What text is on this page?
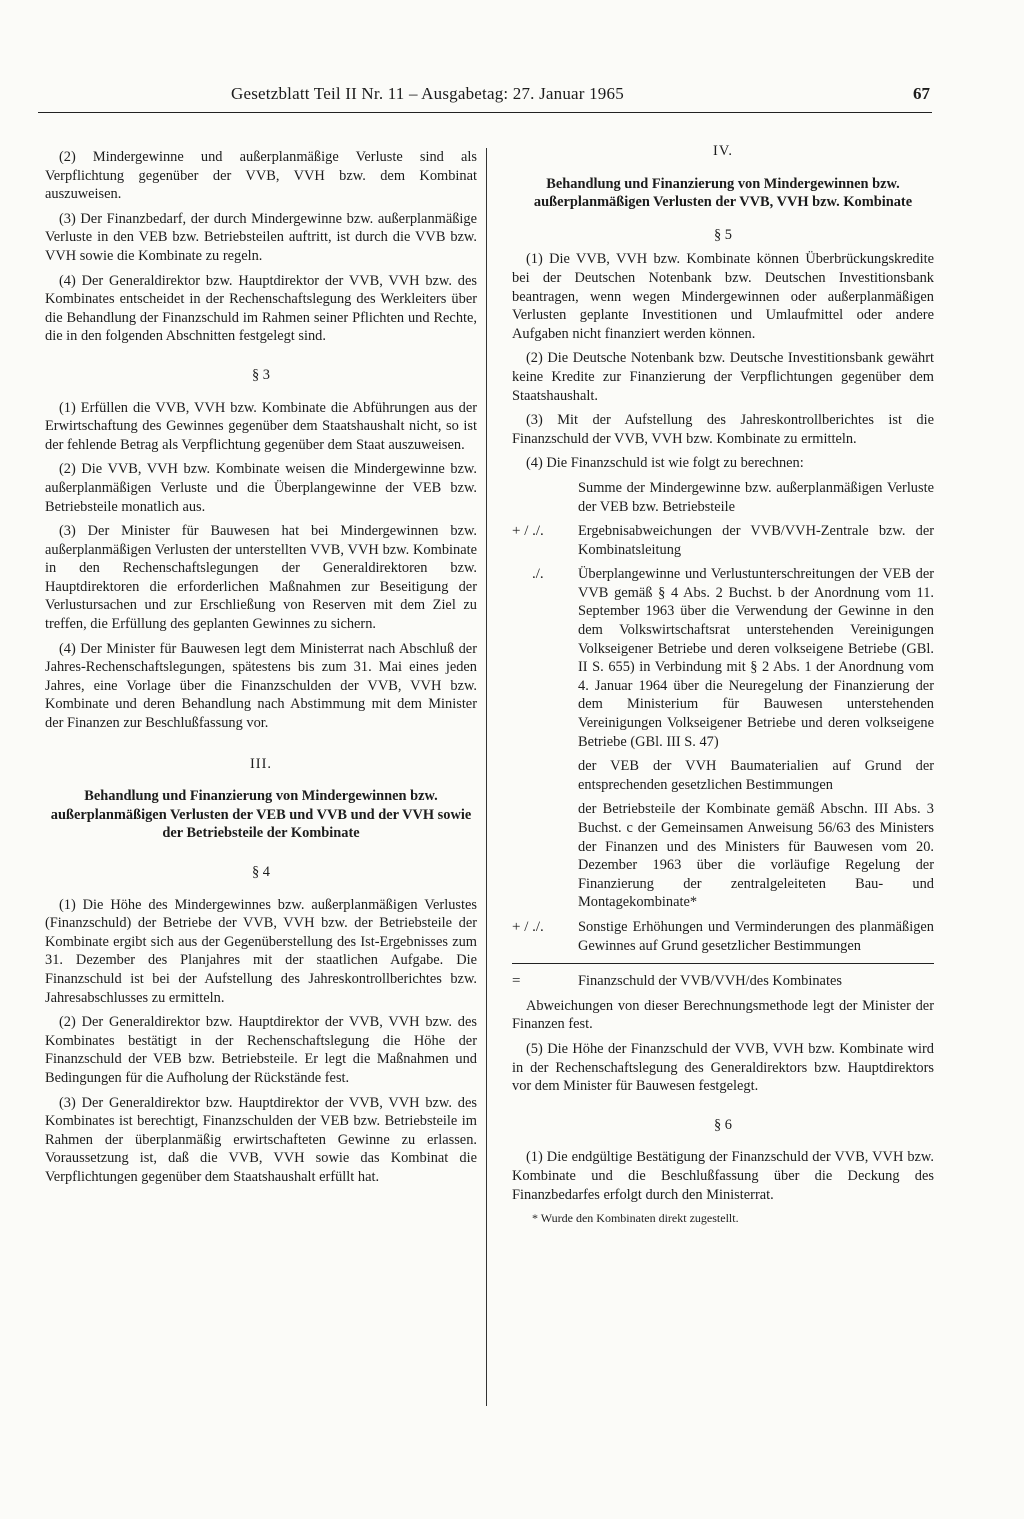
Gesetzblatt Teil II Nr. 11 – Ausgabetag: 27. Januar 1965	67

(2) Mindergewinne und außerplanmäßige Verluste sind als Verpflichtung gegenüber der VVB, VVH bzw. dem Kombinat auszuweisen.

(3) Der Finanzbedarf, der durch Mindergewinne bzw. außerplanmäßige Verluste in den VEB bzw. Betriebsteilen auftritt, ist durch die VVB bzw. VVH sowie die Kombinate zu regeln.

(4) Der Generaldirektor bzw. Hauptdirektor der VVB, VVH bzw. des Kombinates entscheidet in der Rechenschaftslegung des Werkleiters über die Behandlung der Finanzschuld im Rahmen seiner Pflichten und Rechte, die in den folgenden Abschnitten festgelegt sind.

§ 3

(1) Erfüllen die VVB, VVH bzw. Kombinate die Abführungen aus der Erwirtschaftung des Gewinnes gegenüber dem Staatshaushalt nicht, so ist der fehlende Betrag als Verpflichtung gegenüber dem Staat auszuweisen.

(2) Die VVB, VVH bzw. Kombinate weisen die Mindergewinne bzw. außerplanmäßigen Verluste und die Überplangewinne der VEB bzw. Betriebsteile monatlich aus.

(3) Der Minister für Bauwesen hat bei Mindergewinnen bzw. außerplanmäßigen Verlusten der unterstellten VVB, VVH bzw. Kombinate in den Rechenschaftslegungen der Generaldirektoren bzw. Hauptdirektoren die erforderlichen Maßnahmen zur Beseitigung der Verlustursachen und zur Erschließung von Reserven mit dem Ziel zu treffen, die Erfüllung des geplanten Gewinnes zu sichern.

(4) Der Minister für Bauwesen legt dem Ministerrat nach Abschluß der Jahres-Rechenschaftslegungen, spätestens bis zum 31. Mai eines jeden Jahres, eine Vorlage über die Finanzschulden der VVB, VVH bzw. Kombinate und deren Behandlung nach Abstimmung mit dem Minister der Finanzen zur Beschlußfassung vor.

III.
Behandlung und Finanzierung von Mindergewinnen bzw. außerplanmäßigen Verlusten der VEB und VVB und der VVH sowie der Betriebsteile der Kombinate
§ 4

(1) Die Höhe des Mindergewinnes bzw. außerplanmäßigen Verlustes (Finanzschuld) der Betriebe der VVB, VVH bzw. der Betriebsteile der Kombinate ergibt sich aus der Gegenüberstellung des Ist-Ergebnisses zum 31. Dezember des Planjahres mit der staatlichen Aufgabe. Die Finanzschuld ist bei der Aufstellung des Jahreskontrollberichtes bzw. Jahresabschlusses zu ermitteln.

(2) Der Generaldirektor bzw. Hauptdirektor der VVB, VVH bzw. des Kombinates bestätigt in der Rechenschaftslegung die Höhe der Finanzschuld der VEB bzw. Betriebsteile. Er legt die Maßnahmen und Bedingungen für die Aufholung der Rückstände fest.

(3) Der Generaldirektor bzw. Hauptdirektor der VVB, VVH bzw. des Kombinates ist berechtigt, Finanzschulden der VEB bzw. Betriebsteile im Rahmen der überplanmäßig erwirtschafteten Gewinne zu erlassen. Voraussetzung ist, daß die VVB, VVH sowie das Kombinat die Verpflichtungen gegenüber dem Staatshaushalt erfüllt hat.

IV.
Behandlung und Finanzierung von Mindergewinnen bzw. außerplanmäßigen Verlusten der VVB, VVH bzw. Kombinate
§ 5

(1) Die VVB, VVH bzw. Kombinate können Überbrückungskredite bei der Deutschen Notenbank bzw. Deutschen Investitionsbank beantragen, wenn wegen Mindergewinnen oder außerplanmäßigen Verlusten geplante Investitionen und Umlaufmittel oder andere Aufgaben nicht finanziert werden können.

(2) Die Deutsche Notenbank bzw. Deutsche Investitionsbank gewährt keine Kredite zur Finanzierung der Verpflichtungen gegenüber dem Staatshaushalt.

(3) Mit der Aufstellung des Jahreskontrollberichtes ist die Finanzschuld der VVB, VVH bzw. Kombinate zu ermitteln.

(4) Die Finanzschuld ist wie folgt zu berechnen:

Summe der Mindergewinne bzw. außerplanmäßigen Verluste der VEB bzw. Betriebsteile
+ / ./.	Ergebnisabweichungen der VVB/VVH-Zentrale bzw. der Kombinatsleitung
./.	Überplangewinne und Verlustunterschreitungen der VEB der VVB gemäß § 4 Abs. 2 Buchst. b der Anordnung vom 11. September 1963 über die Verwendung der Gewinne in den dem Volkswirtschaftsrat unterstehenden Vereinigungen Volkseigener Betriebe und deren volkseigene Betriebe (GBl. II S. 655) in Verbindung mit § 2 Abs. 1 der Anordnung vom 4. Januar 1964 über die Neuregelung der Finanzierung der dem Ministerium für Bauwesen unterstehenden Vereinigungen Volkseigener Betriebe und deren volkseigene Betriebe (GBl. III S. 47)
der VEB der VVH Baumaterialien auf Grund der entsprechenden gesetzlichen Bestimmungen
der Betriebsteile der Kombinate gemäß Abschn. III Abs. 3 Buchst. c der Gemeinsamen Anweisung 56/63 des Ministers der Finanzen und des Ministers für Bauwesen vom 20. Dezember 1963 über die vorläufige Regelung der Finanzierung der zentralgeleiteten Bau- und Montagekombinate*
+ / ./.	Sonstige Erhöhungen und Verminderungen des planmäßigen Gewinnes auf Grund gesetzlicher Bestimmungen
=	Finanzschuld der VVB/VVH/des Kombinates

Abweichungen von dieser Berechnungsmethode legt der Minister der Finanzen fest.

(5) Die Höhe der Finanzschuld der VVB, VVH bzw. Kombinate wird in der Rechenschaftslegung des Generaldirektors bzw. Hauptdirektors vor dem Minister für Bauwesen festgelegt.

§ 6

(1) Die endgültige Bestätigung der Finanzschuld der VVB, VVH bzw. Kombinate und die Beschlußfassung über die Deckung des Finanzbedarfes erfolgt durch den Ministerrat.

* Wurde den Kombinaten direkt zugestellt.
